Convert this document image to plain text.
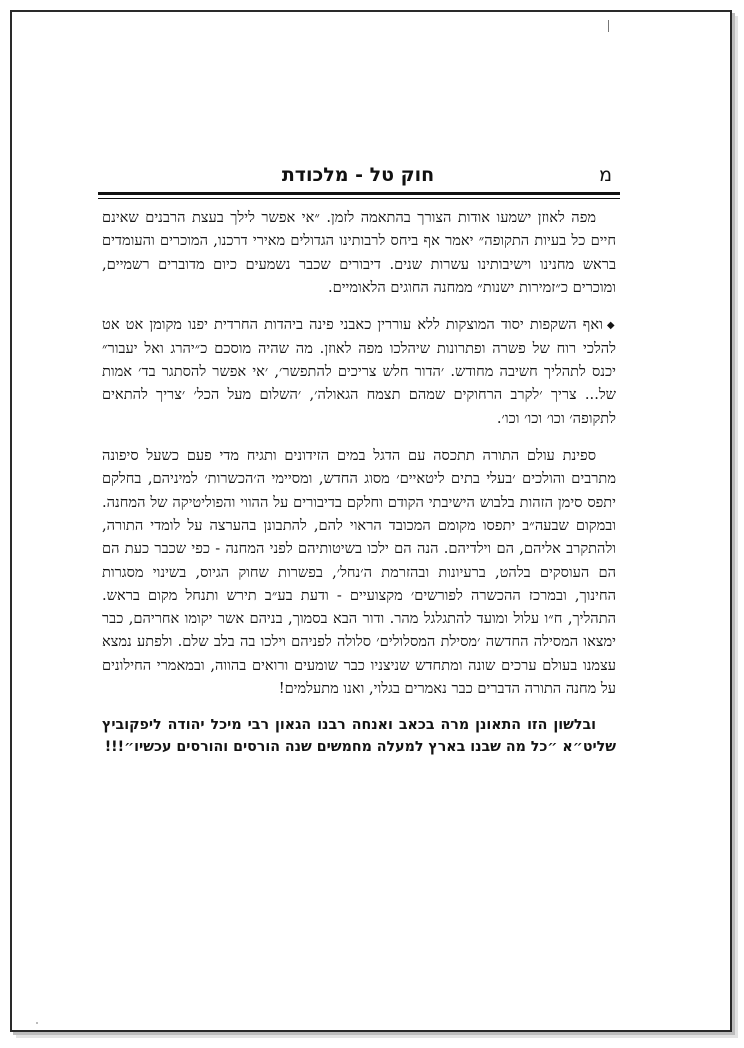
מ
חוק טל - מלכודת

מפה לאוזן ישמעו אודות הצורך בהתאמה לזמן. ״אי אפשר לילך בעצת הרבנים שאינם חיים כל בעיות התקופה״ יאמר אף ביחס לרבותינו הגדולים מאירי דרכנו, המוכרים והעומדים בראש מחנינו וישיבותינו עשרות שנים. דיבורים שכבר נשמעים כיום מדוברים רשמיים, ומוכרים כ״זמירות ישנות״ ממחנה החוגים הלאומיים.

◆ואף השקפות יסוד המוצקות ללא עוררין כאבני פינה ביהדות החרדית יפנו מקומן אט אט להלכי רוח של פשרה ופתרונות שיהלכו מפה לאוזן. מה שהיה מוסכם כ״יהרג ואל יעבור״ יכנס לתהליך חשיבה מחודש. ׳הדור חלש צריכים להתפשר׳, ׳אי אפשר להסתגר בד׳ אמות של... צריך ׳לקרב הרחוקים שמהם תצמח הגאולה׳, ׳השלום מעל הכל׳ ׳צריך להתאים לתקופה׳ וכו׳ וכו׳ וכו׳.

ספינת עולם התורה תתכסה עם הדגל במים הזידונים ותגיח מדי פעם כשעל סיפונה מתרבים והולכים ׳בעלי בתים ליטאיים׳ מסוג החדש, ומסיימי ה׳הכשרות׳ למיניהם, בחלקם יתפס סימן הזהות בלבוש הישיבתי הקודם וחלקם בדיבורים על ההווי והפוליטיקה של המחנה. ובמקום שבעה״ב יתפסו מקומם המכובד הראוי להם, להתבונן בהערצה על לומדי התורה, ולהתקרב אליהם, הם וילדיהם. הנה הם ילכו בשיטותיהם לפני המחנה - כפי שכבר כעת הם הם העוסקים בלהט, ברעיונות ובהזרמת ה׳נחל׳, בפשרות שחוק הגיוס, בשינוי מסגרות החינוך, ובמרכז ההכשרה לפורשים׳ מקצועיים - ודעת בע״ב תירש ותנחל מקום בראש. התהליך, ח״ו עלול ומועד להתגלגל מהר. ודור הבא בסמוך, בניהם אשר יקומו אחריהם, כבר ימצאו המסילה החדשה ׳מסילת המסלולים׳ סלולה לפניהם וילכו בה בלב שלם. ולפתע נמצא עצמנו בעולם ערכים שונה ומתחדש שניצניו כבר שומעים ורואים בהווה, ובמאמרי החילונים על מחנה התורה הדברים כבר נאמרים בגלוי, ואנו מתעלמים!

ובלשון הזו התאונן מרה בכאב ואנחה רבנו הגאון רבי מיכל יהודה ליפקוביץ שליט״א ״כל מה שבנו בארץ למעלה מחמשים שנה הורסים והורסים עכשיו״!!!
